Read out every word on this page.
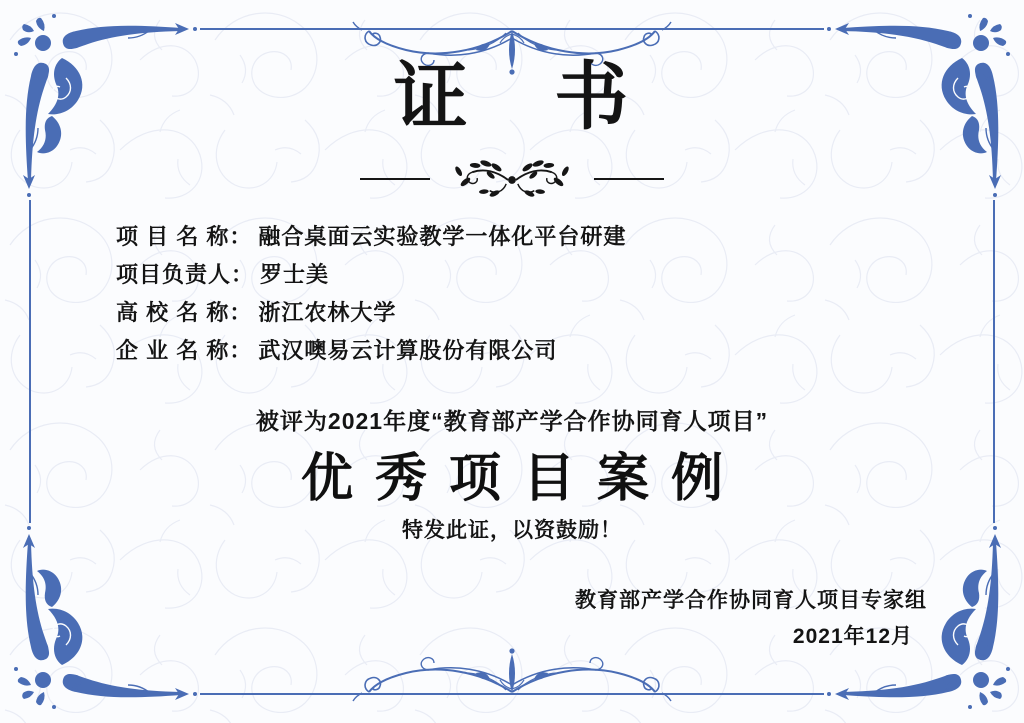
证 书
项 目 名 称： 融合桌面云实验教学一体化平台研建
项目负责人： 罗士美
高 校 名 称： 浙江农林大学
企 业 名 称： 武汉噢易云计算股份有限公司
被评为2021年度“教育部产学合作协同育人项目”
优秀项目案例
特发此证，以资鼓励！
教育部产学合作协同育人项目专家组
2021年12月
